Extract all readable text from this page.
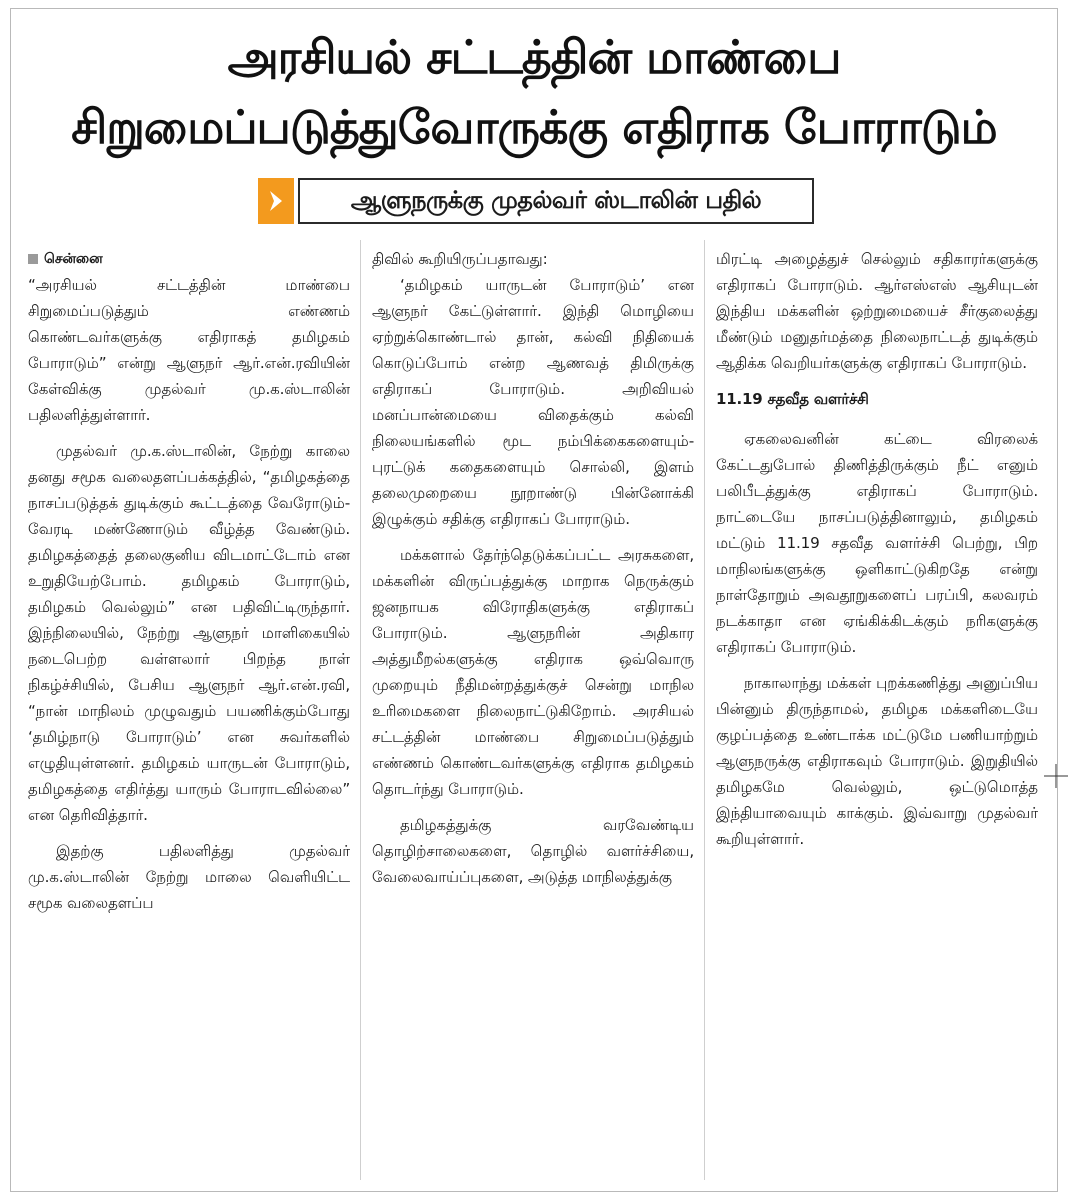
அரசியல் சட்டத்தின் மாண்பை
சிறுமைப்படுத்துவோருக்கு எதிராக போராடும்
ஆளுநருக்கு முதல்வர் ஸ்டாலின் பதில்
சென்னை

“அரசியல் சட்டத்தின் மாண்பை சிறுமைப்படுத்தும் எண்ணம் கொண்டவர்களுக்கு எதிராகத் தமிழகம் போராடும்” என்று ஆளுநர் ஆர்.என்.ரவியின் கேள்விக்கு முதல்வர் மு.க.ஸ்டாலின் பதிலளித்துள்ளார்.

முதல்வர் மு.க.ஸ்டாலின், நேற்று காலை தனது சமூக வலைதளப்பக்கத்தில், “தமிழகத்தை நாசப்படுத்தக் துடிக்கும் கூட்டத்தை வேரோடும்- வேரடி மண்ணோடும் வீழ்த்த வேண்டும். தமிழகத்தைத் தலைகுனிய விடமாட்டோம் என உறுதியேற்போம். தமிழகம் போராடும், தமிழகம் வெல்லும்” என பதிவிட்டிருந்தார். இந்நிலையில், நேற்று ஆளுநர் மாளிகையில் நடைபெற்ற வள்ளலார் பிறந்த நாள் நிகழ்ச்சியில், பேசிய ஆளுநர் ஆர்.என்.ரவி, “நான் மாநிலம் முழுவதும் பயணிக்கும்போது ‘தமிழ்நாடு போராடும்’ என சுவர்களில் எழுதியுள்ளனர். தமிழகம் யாருடன் போராடும், தமிழகத்தை எதிர்த்து யாரும் போராடவில்லை” என தெரிவித்தார்.

இதற்கு பதிலளித்து முதல்வர் மு.க.ஸ்டாலின் நேற்று மாலை வெளியிட்ட சமூக வலைதளப்ப

திவில் கூறியிருப்பதாவது:

‘தமிழகம் யாருடன் போராடும்’ என ஆளுநர் கேட்டுள்ளார். இந்தி மொழியை ஏற்றுக்கொண்டால் தான், கல்வி நிதியைக் கொடுப்போம் என்ற ஆணவத் திமிருக்கு எதிராகப் போராடும். அறிவியல் மனப்பான்மையை விதைக்கும் கல்வி நிலையங்களில் மூட நம்பிக்கைகளையும்- புரட்டுக் கதைகளையும் சொல்லி, இளம் தலைமுறையை நூறாண்டு பின்னோக்கி இழுக்கும் சதிக்கு எதிராகப் போராடும்.

மக்களால் தேர்ந்தெடுக்கப்பட்ட அரசுகளை, மக்களின் விருப்பத்துக்கு மாறாக நெருக்கும் ஜனநாயக விரோதிகளுக்கு எதிராகப் போராடும். ஆளுநரின் அதிகார அத்துமீறல்களுக்கு எதிராக ஒவ்வொரு முறையும் நீதிமன்றத்துக்குச் சென்று மாநில உரிமைகளை நிலைநாட்டுகிறோம். அரசியல் சட்டத்தின் மாண்பை சிறுமைப்படுத்தும் எண்ணம் கொண்டவர்களுக்கு எதிராக தமிழகம் தொடர்ந்து போராடும்.

தமிழகத்துக்கு வரவேண்டிய தொழிற்சாலைகளை, தொழில் வளர்ச்சியை, வேலைவாய்ப்புகளை, அடுத்த மாநிலத்துக்கு

மிரட்டி அழைத்துச் செல்லும் சதிகாரர்களுக்கு எதிராகப் போராடும். ஆர்எஸ்எஸ் ஆசியுடன் இந்திய மக்களின் ஒற்றுமையைச் சீர்குலைத்து மீண்டும் மனுதர்மத்தை நிலைநாட்டத் துடிக்கும் ஆதிக்க வெறியர்களுக்கு எதிராகப் போராடும்.

11.19 சதவீத வளர்ச்சி

ஏகலைவனின் கட்டை விரலைக் கேட்டதுபோல் திணித்திருக்கும் நீட் எனும் பலிபீடத்துக்கு எதிராகப் போராடும். நாட்டையே நாசப்படுத்தினாலும், தமிழகம் மட்டும் 11.19 சதவீத வளர்ச்சி பெற்று, பிற மாநிலங்களுக்கு ஒளிகாட்டுகிறதே என்று நாள்தோறும் அவதூறுகளைப் பரப்பி, கலவரம் நடக்காதா என ஏங்கிக்கிடக்கும் நரிகளுக்கு எதிராகப் போராடும்.

நாகாலாந்து மக்கள் புறக்கணித்து அனுப்பிய பின்னும் திருந்தாமல், தமிழக மக்களிடையே குழப்பத்தை உண்டாக்க மட்டுமே பணியாற்றும் ஆளுநருக்கு எதிராகவும் போராடும். இறுதியில் தமிழகமே வெல்லும், ஒட்டுமொத்த இந்தியாவையும் காக்கும். இவ்வாறு முதல்வர் கூறியுள்ளார்.
